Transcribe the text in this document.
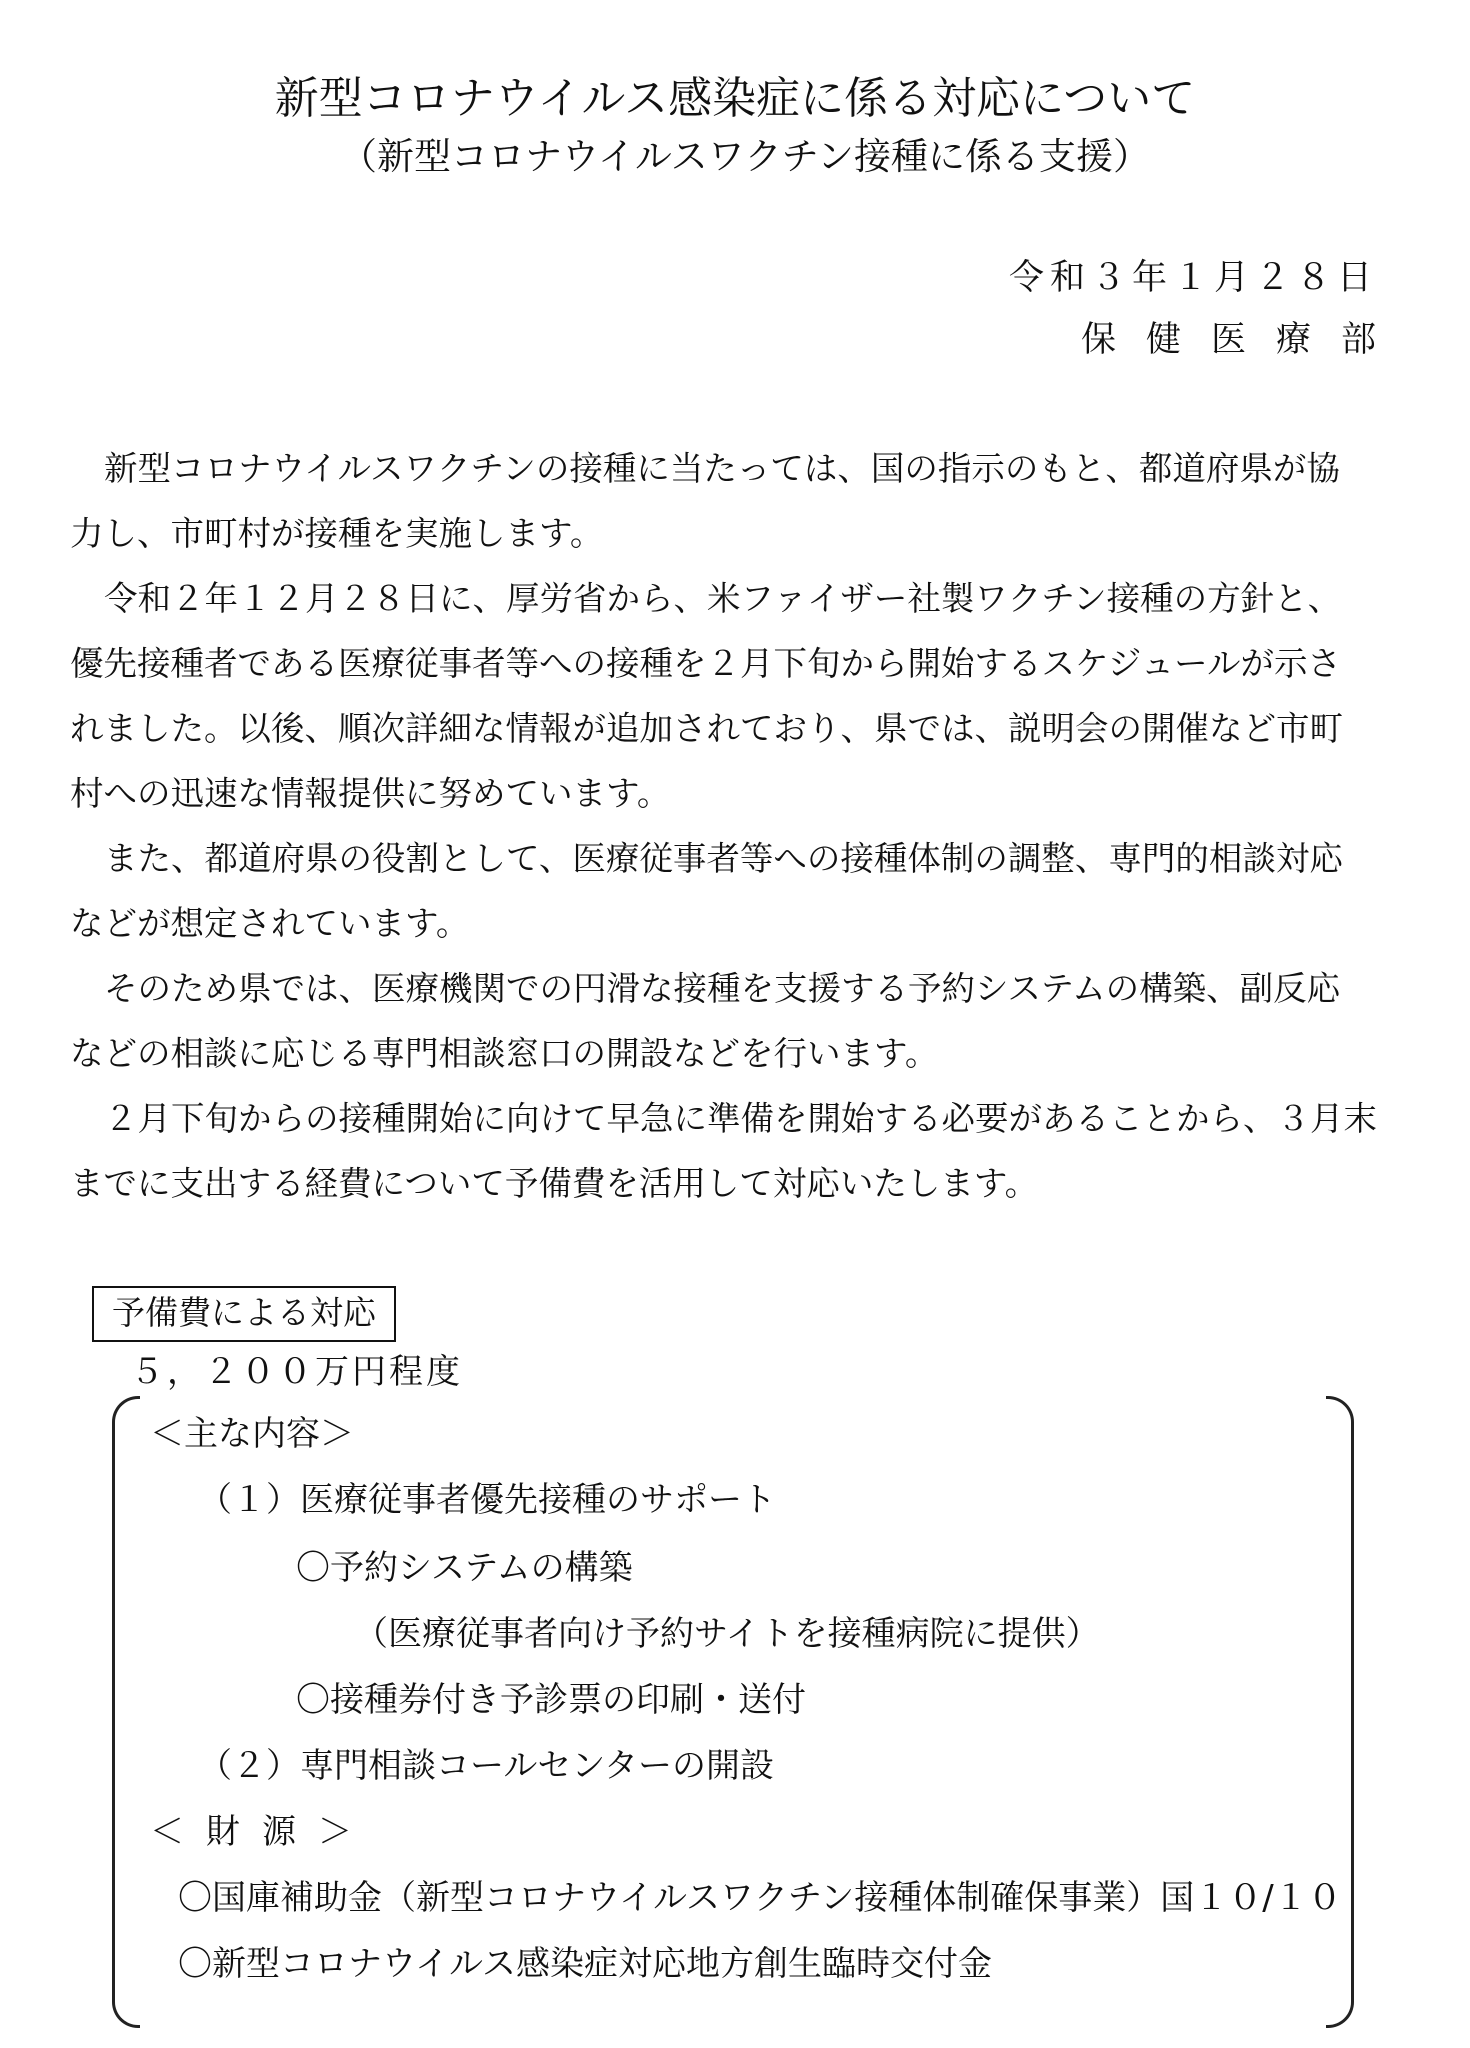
新型コロナウイルス感染症に係る対応について
（新型コロナウイルスワクチン接種に係る支援）
令和３年１月２８日
保健医療部

新型コロナウイルスワクチンの接種に当たっては、国の指示のもと、都道府県が協力し、市町村が接種を実施します。

令和２年１２月２８日に、厚労省から、米ファイザー社製ワクチン接種の方針と、優先接種者である医療従事者等への接種を２月下旬から開始するスケジュールが示されました。以後、順次詳細な情報が追加されており、県では、説明会の開催など市町村への迅速な情報提供に努めています。

また、都道府県の役割として、医療従事者等への接種体制の調整、専門的相談対応などが想定されています。

そのため県では、医療機関での円滑な接種を支援する予約システムの構築、副反応などの相談に応じる専門相談窓口の開設などを行います。

２月下旬からの接種開始に向けて早急に準備を開始する必要があることから、３月末までに支出する経費について予備費を活用して対応いたします。

予備費による対応
５，２００万円程度
＜主な内容＞
（１）医療従事者優先接種のサポート
〇予約システムの構築
（医療従事者向け予約サイトを接種病院に提供）
〇接種券付き予診票の印刷・送付
（２）専門相談コールセンターの開設
＜財源＞
〇国庫補助金（新型コロナウイルスワクチン接種体制確保事業）国１０/１０
〇新型コロナウイルス感染症対応地方創生臨時交付金
